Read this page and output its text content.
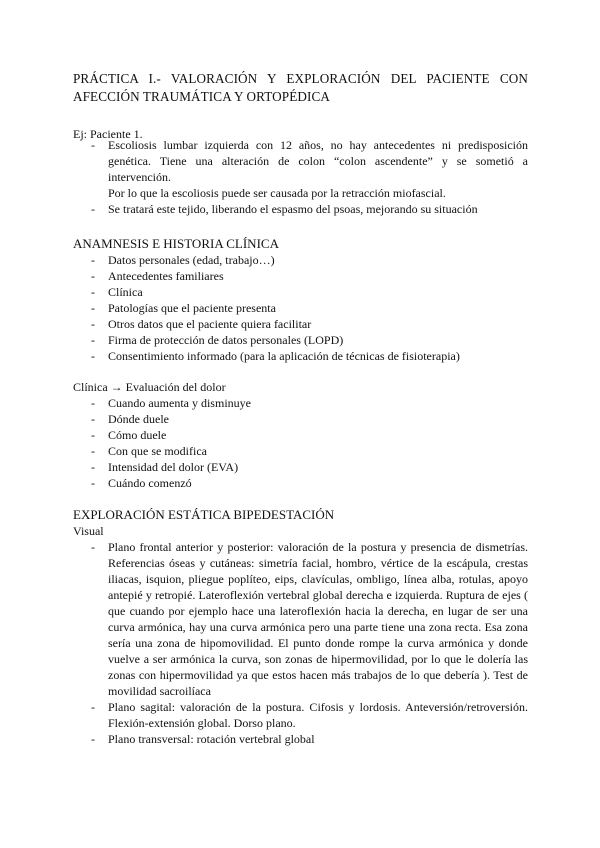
PRÁCTICA I.- VALORACIÓN Y EXPLORACIÓN DEL PACIENTE CON AFECCIÓN TRAUMÁTICA Y ORTOPÉDICA
Ej: Paciente 1.
- Escoliosis lumbar izquierda con 12 años, no hay antecedentes ni predisposición genética. Tiene una alteración de colon “colon ascendente” y se sometió a intervención.
Por lo que la escoliosis puede ser causada por la retracción miofascial.
- Se tratará este tejido, liberando el espasmo del psoas, mejorando su situación
ANAMNESIS E HISTORIA CLÍNICA
- Datos personales (edad, trabajo…)
- Antecedentes familiares
- Clínica
- Patologías que el paciente presenta
- Otros datos que el paciente quiera facilitar
- Firma de protección de datos personales (LOPD)
- Consentimiento informado (para la aplicación de técnicas de fisioterapia)
Clínica → Evaluación del dolor
- Cuando aumenta y disminuye
- Dónde duele
- Cómo duele
- Con que se modifica
- Intensidad del dolor (EVA)
- Cuándo comenzó
EXPLORACIÓN ESTÁTICA BIPEDESTACIÓN
Visual
- Plano frontal anterior y posterior: valoración de la postura y presencia de dismetrías. Referencias óseas y cutáneas: simetría facial, hombro, vértice de la escápula, crestas iliacas, isquion, pliegue poplíteo, eips, clavículas, ombligo, línea alba, rotulas, apoyo antepié y retropié. Lateroflexión vertebral global derecha e izquierda. Ruptura de ejes ( que cuando por ejemplo hace una lateroflexión hacia la derecha, en lugar de ser una curva armónica, hay una curva armónica pero una parte tiene una zona recta. Esa zona sería una zona de hipomovilidad. El punto donde rompe la curva armónica y donde vuelve a ser armónica la curva, son zonas de hipermovilidad, por lo que le dolería las zonas con hipermovilidad ya que estos hacen más trabajos de lo que debería ). Test de movilidad sacroilíaca
- Plano sagital: valoración de la postura. Cifosis y lordosis. Anteversión/retroversión. Flexión-extensión global. Dorso plano.
- Plano transversal: rotación vertebral global
